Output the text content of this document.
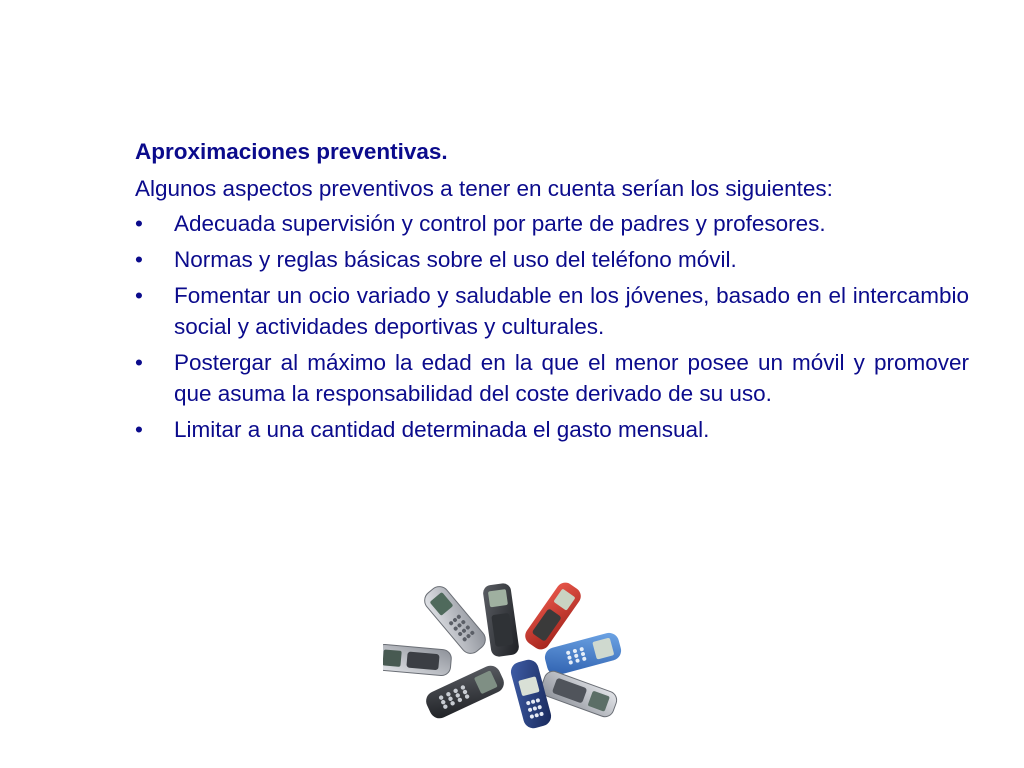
Aproximaciones preventivas.
Algunos aspectos preventivos a tener en cuenta serían los siguientes:
•	Adecuada supervisión y control por parte de padres y profesores.
•	Normas y reglas básicas sobre el uso del teléfono móvil.
•	Fomentar un ocio variado y saludable en los jóvenes, basado en el intercambio social y actividades deportivas y culturales.
•	Postergar al máximo la edad en la que el menor posee un móvil y promover que asuma la responsabilidad del coste derivado de su uso.
•	Limitar a una cantidad determinada el gasto mensual.
